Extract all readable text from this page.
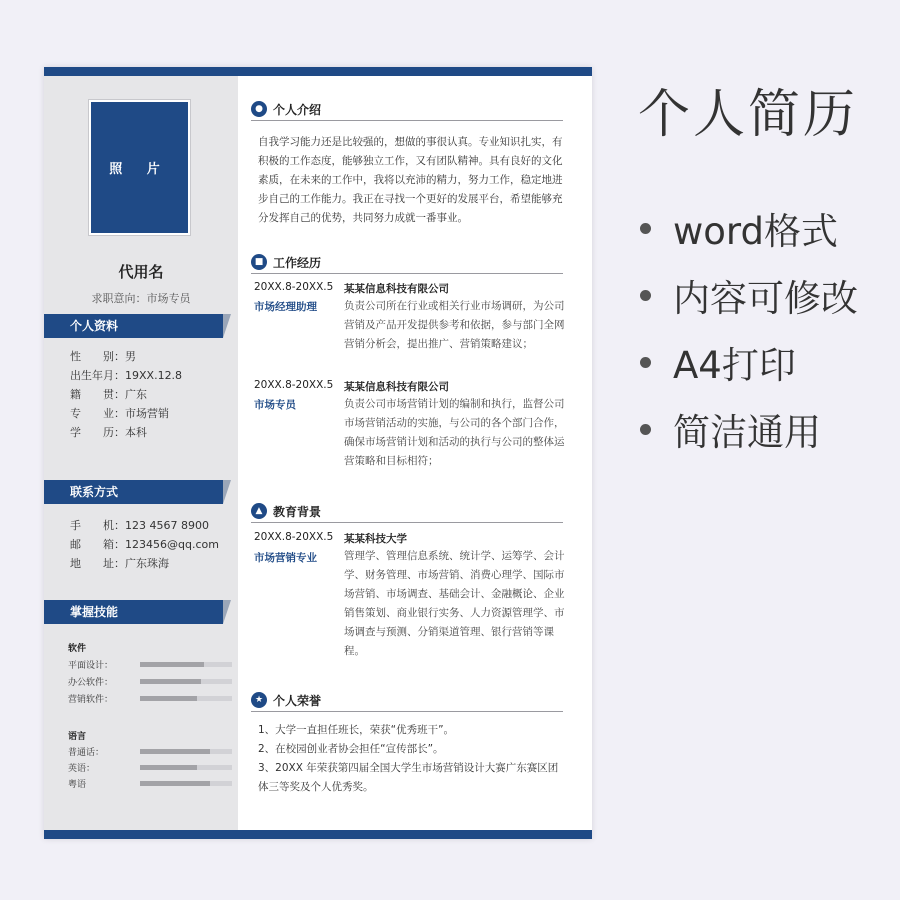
照 片
代用名
求职意向：市场专员
个人资料
性　　别：男
出生年月：19XX.12.8
籍　　贯：广东
专　　业：市场营销
学　　历：本科
联系方式
手　　机：123 4567 8900
邮　　箱：123456@qq.com
地　　址：广东珠海
掌握技能
软件
平面设计：
办公软件：
营销软件：
语言
普通话：
英语：
粤语
● 个人介绍
自我学习能力还是比较强的，想做的事很认真。专业知识扎实，有积极的工作态度，能够独立工作，又有团队精神。具有良好的文化素质，在未来的工作中，我将以充沛的精力，努力工作，稳定地进步自己的工作能力。我正在寻找一个更好的发展平台，希望能够充分发挥自己的优势，共同努力成就一番事业。
■ 工作经历
20XX.8-20XX.5
市场经理助理
某某信息科技有限公司
负责公司所在行业或相关行业市场调研，为公司营销及产品开发提供参考和依据，参与部门全网营销分析会，提出推广、营销策略建议；
20XX.8-20XX.5
市场专员
某某信息科技有限公司
负责公司市场营销计划的编制和执行，监督公司市场营销活动的实施，与公司的各个部门合作，确保市场营销计划和活动的执行与公司的整体运营策略和目标相符；
▲ 教育背景
20XX.8-20XX.5
市场营销专业
某某科技大学
管理学、管理信息系统、统计学、运筹学、会计学、财务管理、市场营销、消费心理学、国际市场营销、市场调查、基础会计、金融概论、企业销售策划、商业银行实务、人力资源管理学、市场调查与预测、分销渠道管理、银行营销等课程。
★ 个人荣誉
1、大学一直担任班长，荣获“优秀班干”。
2、在校园创业者协会担任“宣传部长”。
3、20XX 年荣获第四届全国大学生市场营销设计大赛广东赛区团体三等奖及个人优秀奖。
个人简历
word格式
内容可修改
A4打印
简洁通用
